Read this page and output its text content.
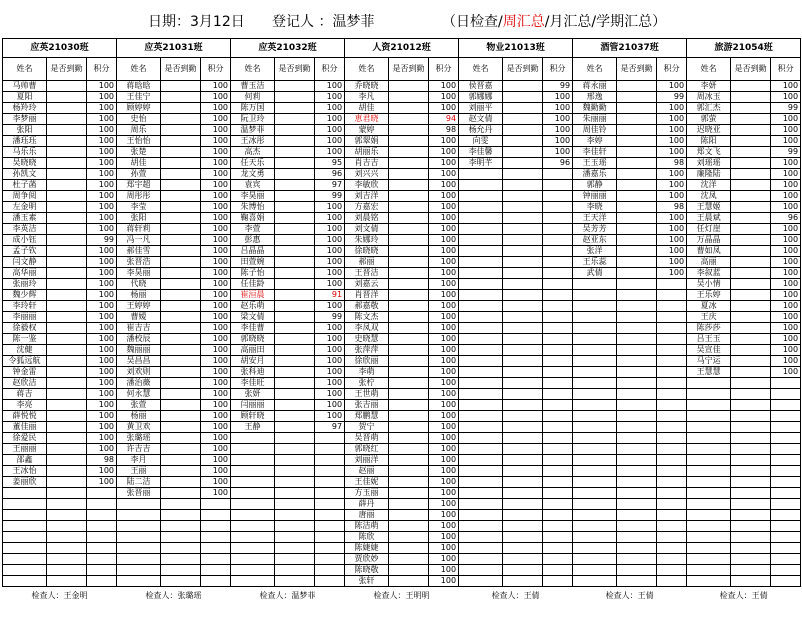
日期：3月12日 登记人 ：温梦菲	（日检查/周汇总/月汇总/学期汇总）
应英21030班			应英21031班			应英21032班			人资21012班			物业21013班			酒管21037班			旅游21054班		
姓名	是否到勤	积分	姓名	是否到勤	积分	姓名	是否到勤	积分	姓名	是否到勤	积分	姓名	是否到勤	积分	姓名	是否到勤	积分	姓名	是否到勤	积分
马帅曹		100	蒋晗晗		100	曹玉洁		100	乔晓晓		100	侯晋嘉		99	蒋永丽		100	李妍		100
夏阳		100	王佳宁		100	何莉		100	李凡		100	郭娜娜		100	邢逸		99	周冰玉		100
杨羚玲		100	顾婷婷		100	陈万国		100	胡佳		100	刘丽平		100	魏勤勤		100	郭汇杰		99
李梦丽		100	史怡		100	阮卫玲		100	恵君晓		94	赵文倩		100	朱丽丽		100	郭萤		100
张阳		100	周乐		100	温梦菲		100	蒙婷		98	杨允丹		100	周佳铃		100	迟晓亚		100
潘珏珏		100	王怡怡		100	王冰彤		100	郭翠娟		100	向雯		100	李婷		100	陈阳		100
马乐乐		100	张楚		100	高杰		100	胡丽乐		100	李佳馨		100	李佳轩		100	郑文飞		99
吴晓晓		100	胡佳		100	任天乐		95	肖吉吉		100	李明芊		96	王玉瑶		98	刘瑶瑶		100
孙凯文		100	孙萱		100	龙文勇		96	刘兴兴		100				潘嘉乐		100	廉隆陆		100
杜子菡		100	郑宇超		100	袁宾		97	李敏欣		100				郭静		100	沈洋		100
周争阅		100	周彤彤		100	李昊丽		99	刘吉洋		100				钟丽丽		100	沈凤		100
左金明		100	李莹		100	朱博怡		100	方嘉宏		100				李晓		98	王慧姬		100
潘玉素		100	张阳		100	鞠喜娟		100	刘晨铭		100				王天洋		100	王晨斌		96
李英洁		100	蒋轩莉		100	李萱		100	刘文倩		100				吴芳芳		100	任灯崖		100
成小钰		99	冯一凡		100	彭惠		100	朱娜玲		100				赵亚东		100	万晶晶		100
孟子钦		100	郝佳雪		100	吕晶晶		100	徐晓晓		100				张洋		100	曹如凤		100
闫文静		100	张晋浩		100	田萱婉		100	郝丽		100				王乐蕊		100	高丽		100
高华丽		100	李昊丽		100	陈子怡		100	王晋洁		100				武倩		100	李叙蓝		100
张丽玲		100	代晓		100	任佳龄		100	刘嘉云		100							吴小情		100
魏少辉		100	杨丽		100	崔洹晨		91	肖晋洋		100							王乐婷		100
李玲轩		100	王婷婷		100	赵乐萌		100	郝嘉敬		100							夏冰		100
李丽丽		100	曹嫒		100	梁文倩		99	陈文杰		100							王庆		100
徐毅权		100	崔吉吉		100	李佳曹		100	李凤双		100							陈莎莎		100
陈一鉴		100	潘校辰		100	郭晓晓		100	史晓慧		100							吕王玉		100
沈健		100	魏丽丽		100	高丽田		100	张萍萍		100							吴宣佳		100
令狐远航		100	吴昌昌		100	胡安月		100	徐欣丽		100							马宁运		100
钟金雷		100	刘欢则		100	张科迪		100	李萌		100							王慧慧		100
赵欣洁		100	潘治薇		100	李佳旺		100	张柠		100									
蒋吉		100	何永慧		100	张妍		100	王世萌		100									
李亮		100	张萱		100	闫丽丽		100	张吉丽		100									
薛悦悦		100	杨丽		100	顾轩晓		100	郑鹏慧		100									
董佳丽		100	黄卫欢		100	王静		97	贺宁		100									
徐爱民		100	张璐瑶		100				吴晋萌		100									
王丽丽		100	许吉吉		100				郭晓红		100									
邵鑫		98	李月		100				刘丽洋		100									
王冰怡		100	王丽		100				赵丽		100									
姜丽欣		100	陆二洁		100				王佳妮		100									
			张晋丽		100				方玉丽		100									
									薛丹		100									
									唐丽		100									
									陈洁萌		100									
									陈欣		100									
									陈婕婕		100									
									贾欣妙		100									
									陈晓敬		100									
									张轩		100									
检查人：王金明			检查人：张璐瑶			检查人：温梦菲			检查人：王明明			检查人：王倩			检查人：王倩			检查人：王倩		
